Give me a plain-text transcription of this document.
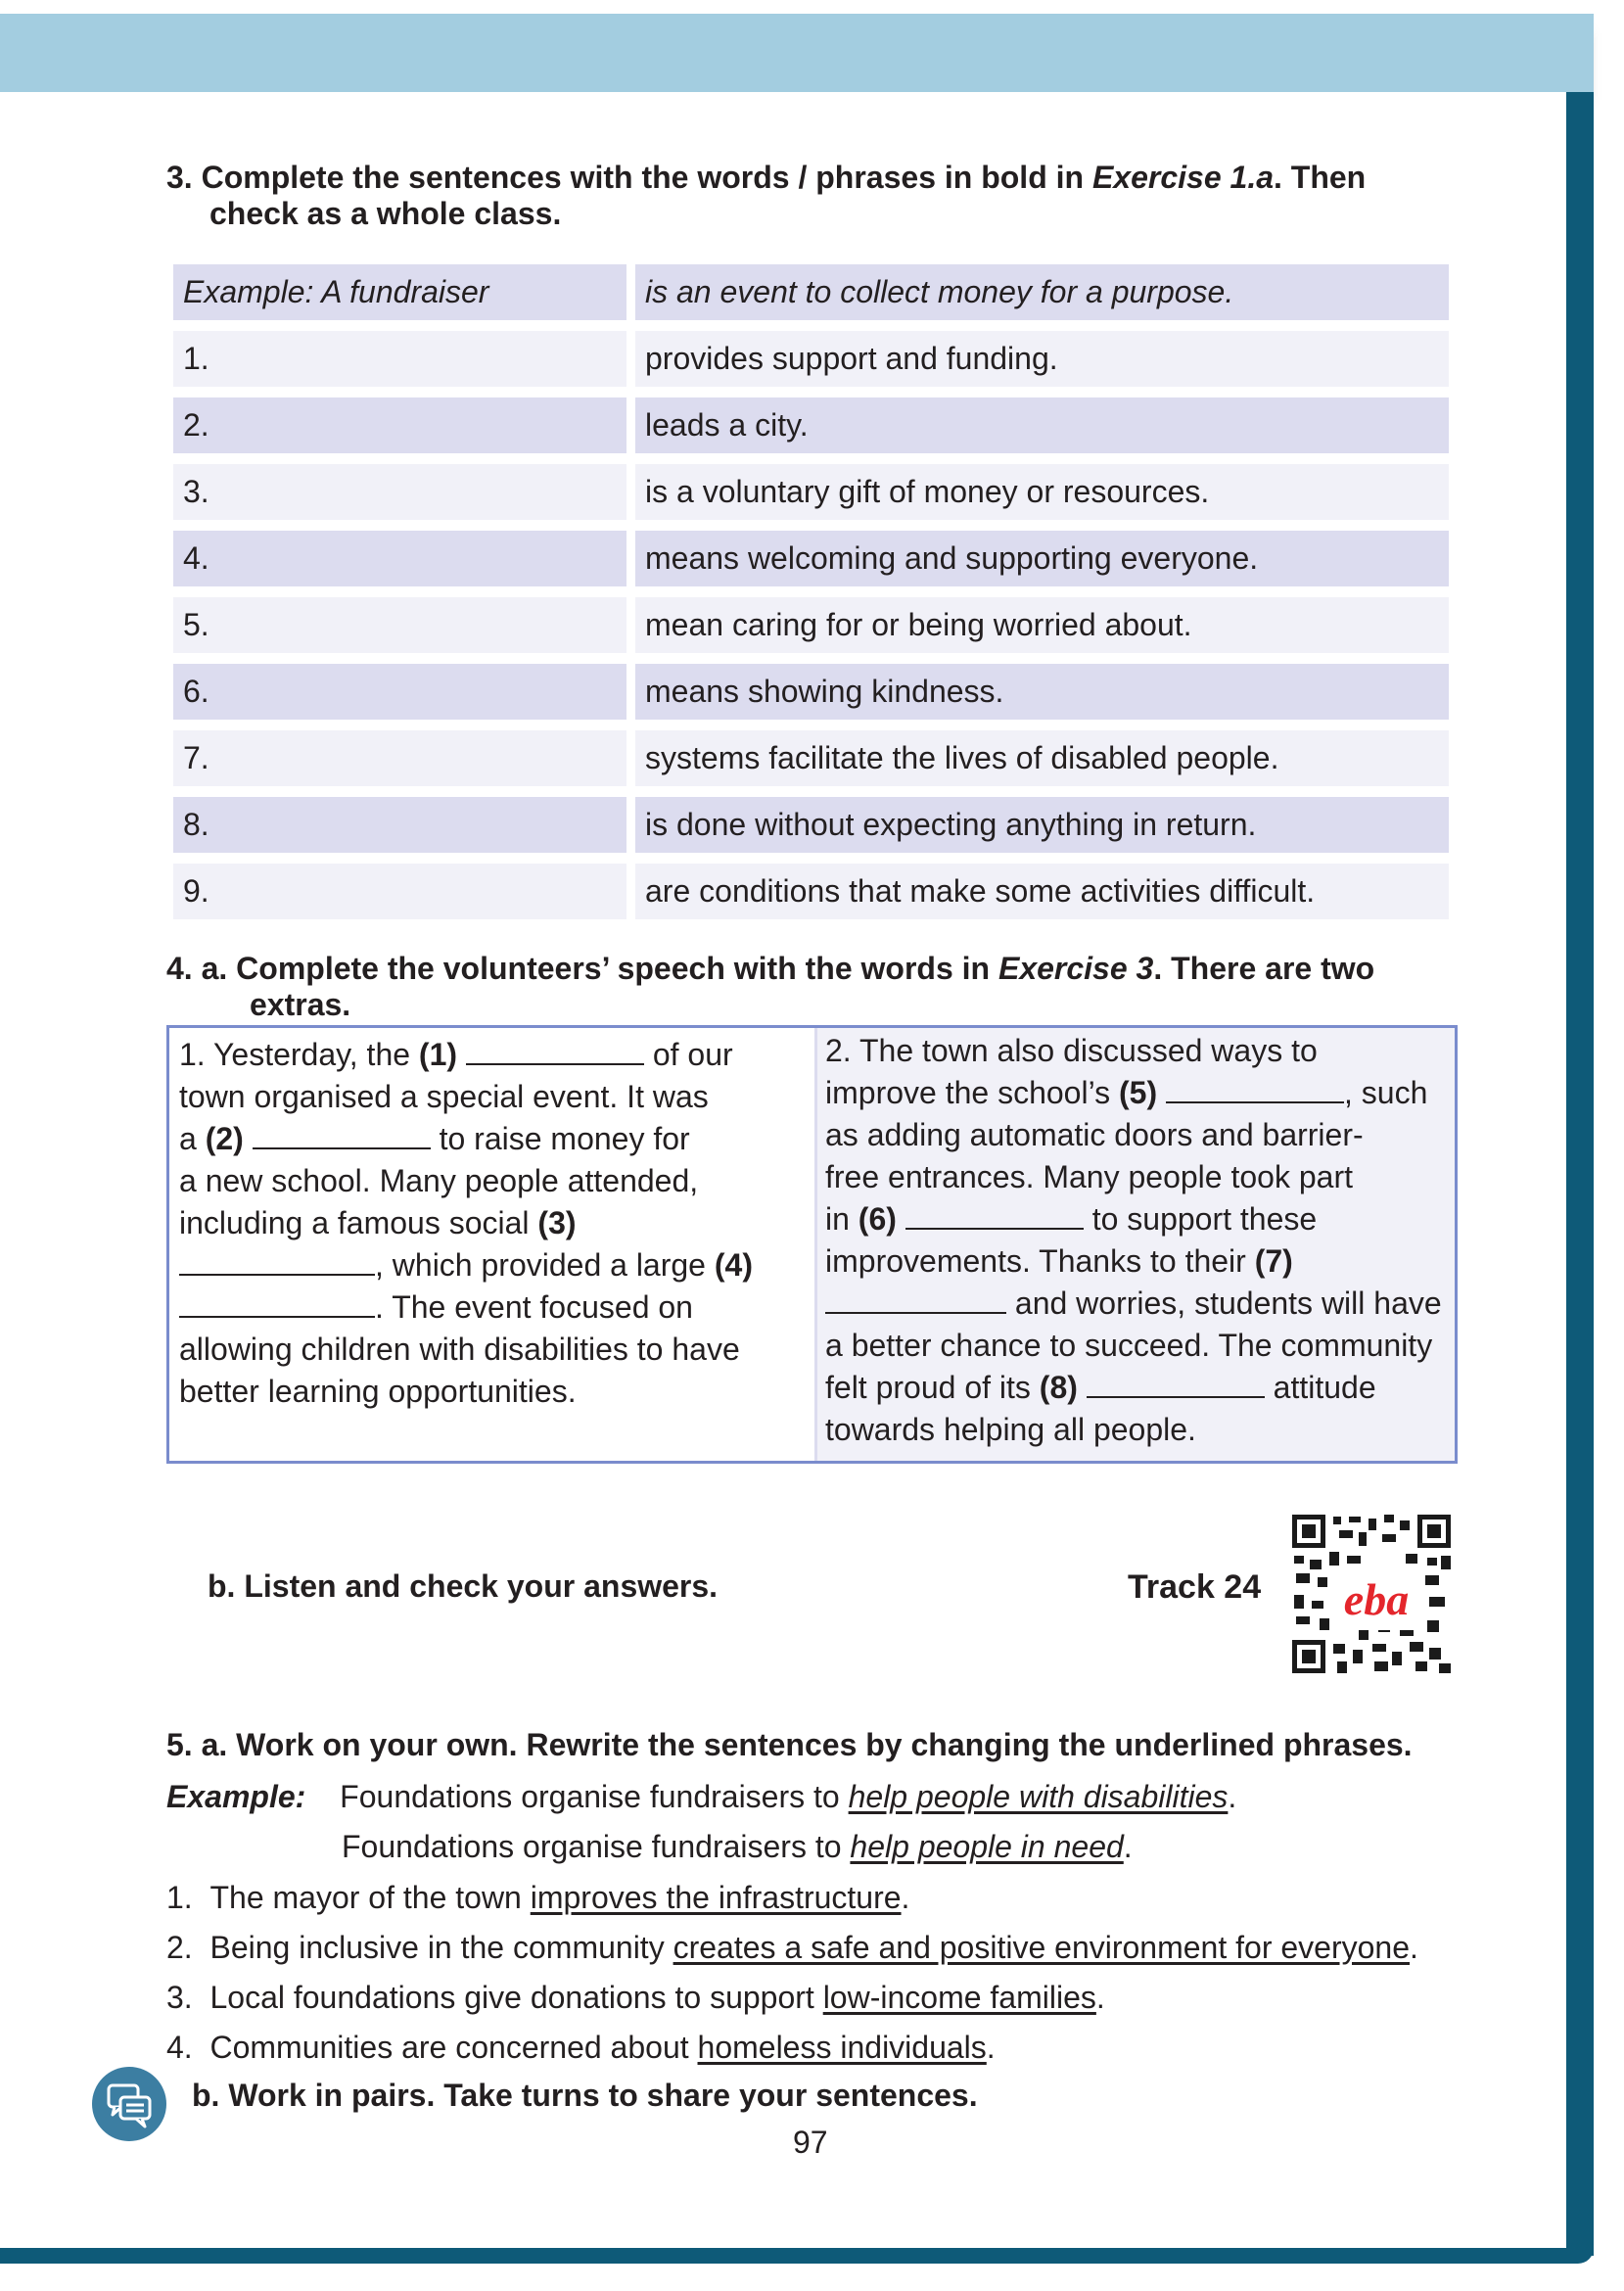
3. Complete the sentences with the words / phrases in bold in Exercise 1.a. Then
check as a whole class.
Example: A fundraiser	is an event to collect money for a purpose.
1.	provides support and funding.
2.	leads a city.
3.	is a voluntary gift of money or resources.
4.	means welcoming and supporting everyone.
5.	mean caring for or being worried about.
6.	means showing kindness.
7.	systems facilitate the lives of disabled people.
8.	is done without expecting anything in return.
9.	are conditions that make some activities difficult.
4. a. Complete the volunteers’ speech with the words in Exercise 3. There are two
extras.
1. Yesterday, the (1)	of our
town organised a special event. It was
a (2)	to raise money for
a new school. Many people attended,
including a famous social (3)
, which provided a large (4)
. The event focused on
allowing children with disabilities to have
better learning opportunities.
2. The town also discussed ways to
improve the school’s (5)	, such
as adding automatic doors and barrier-
free entrances. Many people took part
in (6)	to support these
improvements. Thanks to their (7)
and worries, students will have
a better chance to succeed. The community
felt proud of its (8)	attitude
towards helping all people.
b. Listen and check your answers.	Track 24 eba
5. a. Work on your own. Rewrite the sentences by changing the underlined phrases.
Example: Foundations organise fundraisers to help people with disabilities.
Foundations organise fundraisers to help people in need.
1. The mayor of the town improves the infrastructure.
2. Being inclusive in the community creates a safe and positive environment for everyone.
3. Local foundations give donations to support low-income families.
4. Communities are concerned about homeless individuals.
b. Work in pairs. Take turns to share your sentences.
97
